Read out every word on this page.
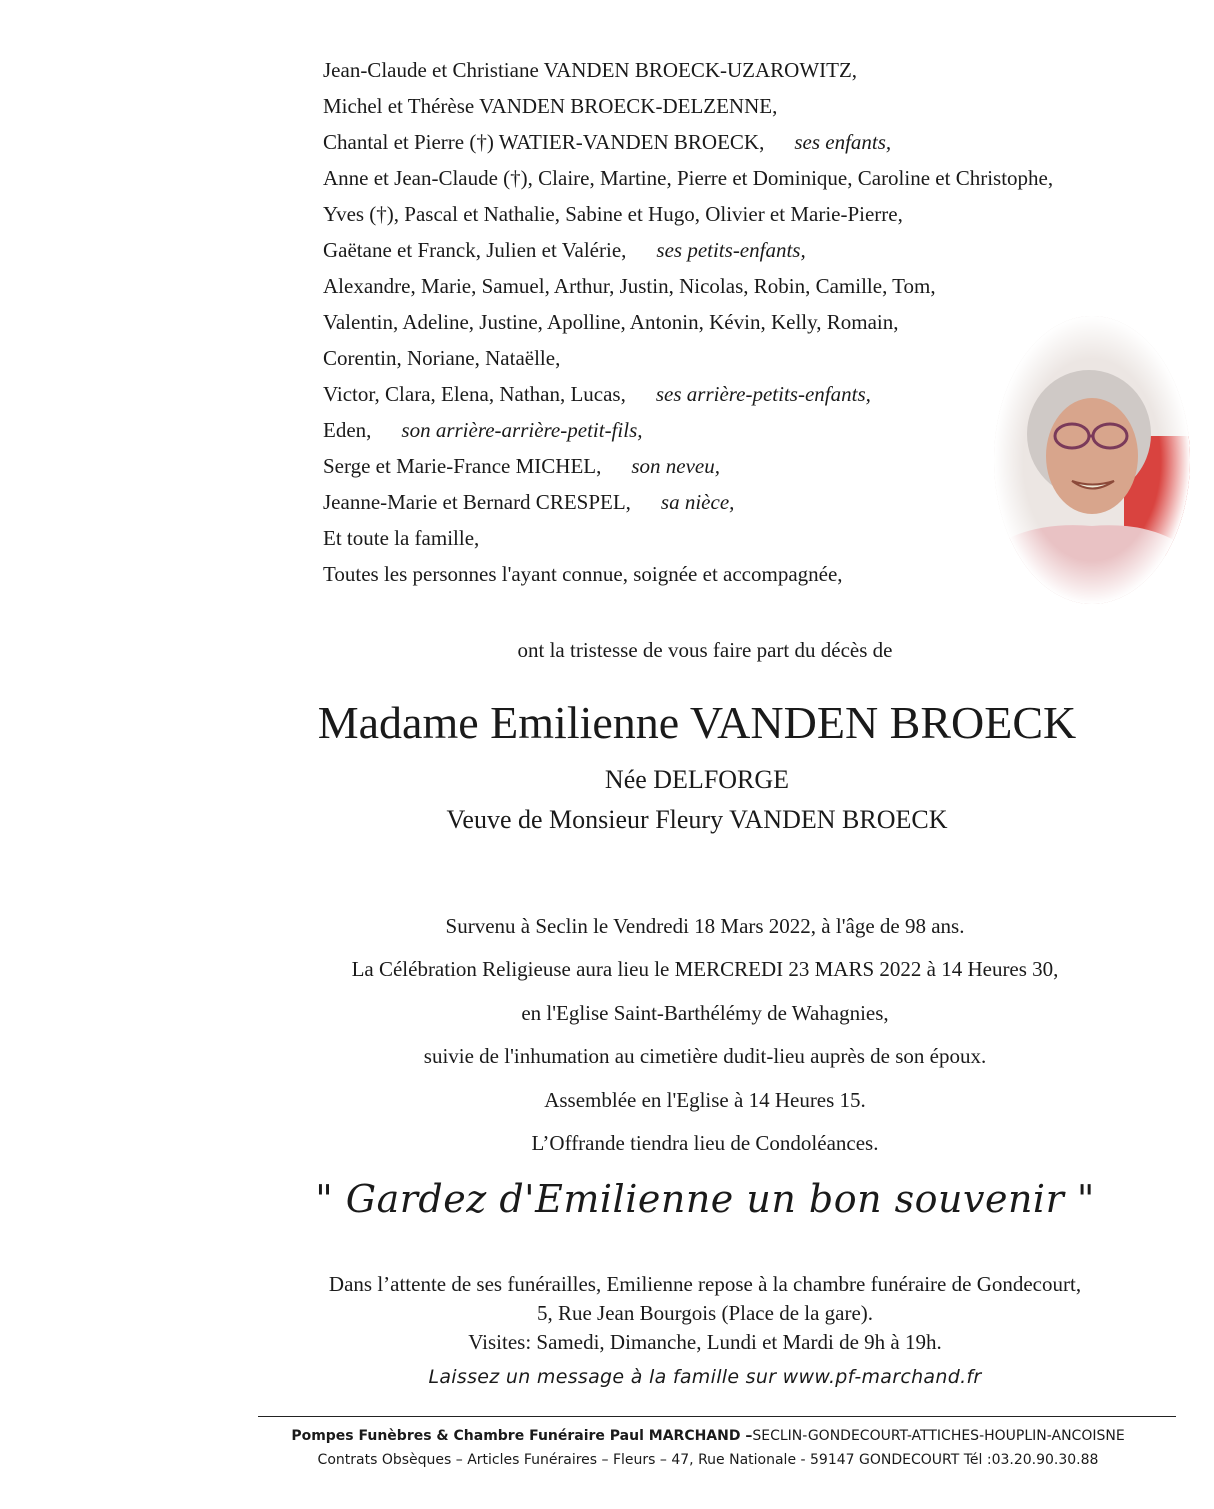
Jean-Claude et Christiane VANDEN BROECK-UZAROWITZ,
Michel et Thérèse VANDEN BROECK-DELZENNE,
Chantal et Pierre (†) WATIER-VANDEN BROECK, ses enfants,
Anne et Jean-Claude (†), Claire, Martine, Pierre et Dominique, Caroline et Christophe,
Yves (†), Pascal et Nathalie, Sabine et Hugo, Olivier et Marie-Pierre,
Gaëtane et Franck, Julien et Valérie, ses petits-enfants,
Alexandre, Marie, Samuel, Arthur, Justin, Nicolas, Robin, Camille, Tom,
Valentin, Adeline, Justine, Apolline, Antonin, Kévin, Kelly, Romain,
Corentin, Noriane, Nataëlle,
Victor, Clara, Elena, Nathan, Lucas, ses arrière-petits-enfants,
Eden, son arrière-arrière-petit-fils,
Serge et Marie-France MICHEL, son neveu,
Jeanne-Marie et Bernard CRESPEL, sa nièce,
Et toute la famille,
Toutes les personnes l'ayant connue, soignée et accompagnée,
ont la tristesse de vous faire part du décès de
Madame Emilienne VANDEN BROECK
Née DELFORGE
Veuve de Monsieur Fleury VANDEN BROECK
Survenu à Seclin le Vendredi 18 Mars 2022, à l'âge de 98 ans.
La Célébration Religieuse aura lieu le MERCREDI 23 MARS 2022 à 14 Heures 30,
en l'Eglise Saint-Barthélémy de Wahagnies,
suivie de l'inhumation au cimetière dudit-lieu auprès de son époux.
Assemblée en l'Eglise à 14 Heures 15.
L’Offrande tiendra lieu de Condoléances.
" Gardez d'Emilienne un bon souvenir "
Dans l’attente de ses funérailles, Emilienne repose à la chambre funéraire de Gondecourt,
5, Rue Jean Bourgois (Place de la gare).
Visites: Samedi, Dimanche, Lundi et Mardi de 9h à 19h.
Laissez un message à la famille sur www.pf-marchand.fr
Pompes Funèbres & Chambre Funéraire Paul MARCHAND –SECLIN-GONDECOURT-ATTICHES-HOUPLIN-ANCOISNE
Contrats Obsèques – Articles Funéraires – Fleurs – 47, Rue Nationale - 59147 GONDECOURT Tél :03.20.90.30.88
